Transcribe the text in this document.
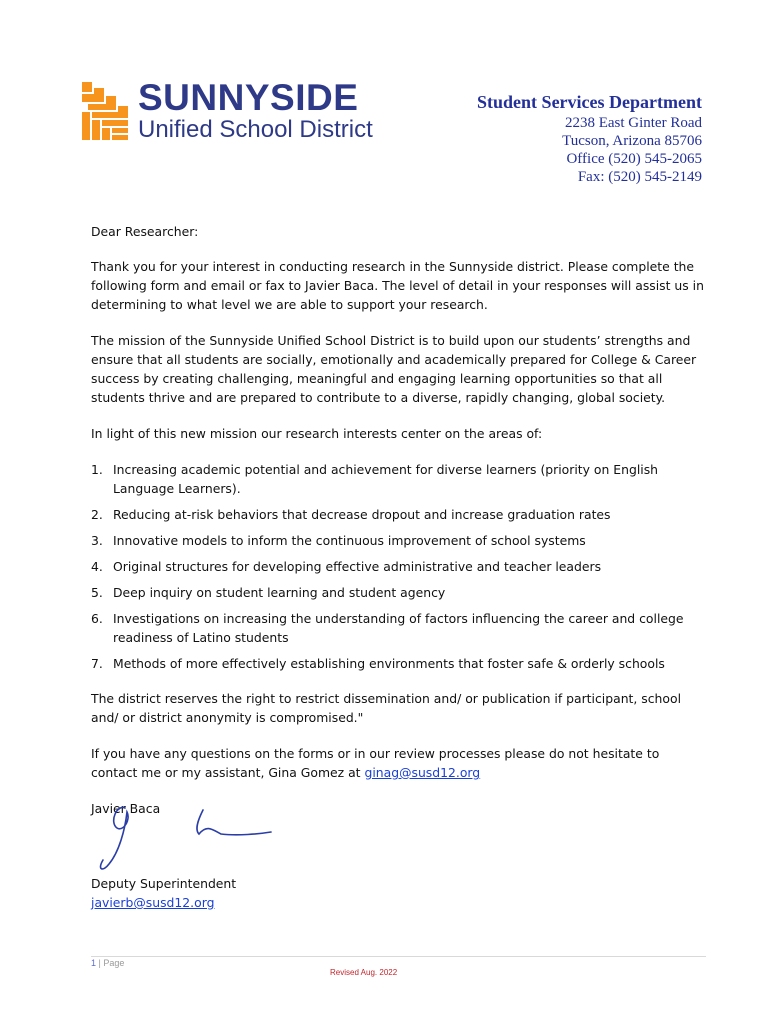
SUNNYSIDE
Unified School District
Student Services Department
2238 East Ginter Road
Tucson, Arizona 85706
Office (520) 545-2065
Fax: (520) 545-2149

Dear Researcher:

Thank you for your interest in conducting research in the Sunnyside district. Please complete the following form and email or fax to Javier Baca. The level of detail in your responses will assist us in determining to what level we are able to support your research.

The mission of the Sunnyside Unified School District is to build upon our students’ strengths and ensure that all students are socially, emotionally and academically prepared for College & Career success by creating challenging, meaningful and engaging learning opportunities so that all students thrive and are prepared to contribute to a diverse, rapidly changing, global society.

In light of this new mission our research interests center on the areas of:

1. Increasing academic potential and achievement for diverse learners (priority on English Language Learners).
2. Reducing at-risk behaviors that decrease dropout and increase graduation rates
3. Innovative models to inform the continuous improvement of school systems
4. Original structures for developing effective administrative and teacher leaders
5. Deep inquiry on student learning and student agency
6. Investigations on increasing the understanding of factors influencing the career and college readiness of Latino students
7. Methods of more effectively establishing environments that foster safe & orderly schools

The district reserves the right to restrict dissemination and/ or publication if participant, school and/ or district anonymity is compromised."

If you have any questions on the forms or in our review processes please do not hesitate to contact me or my assistant, Gina Gomez at ginag@susd12.org

Javier Baca

Deputy Superintendent

javierb@susd12.org

1 | Page
Revised Aug. 2022
